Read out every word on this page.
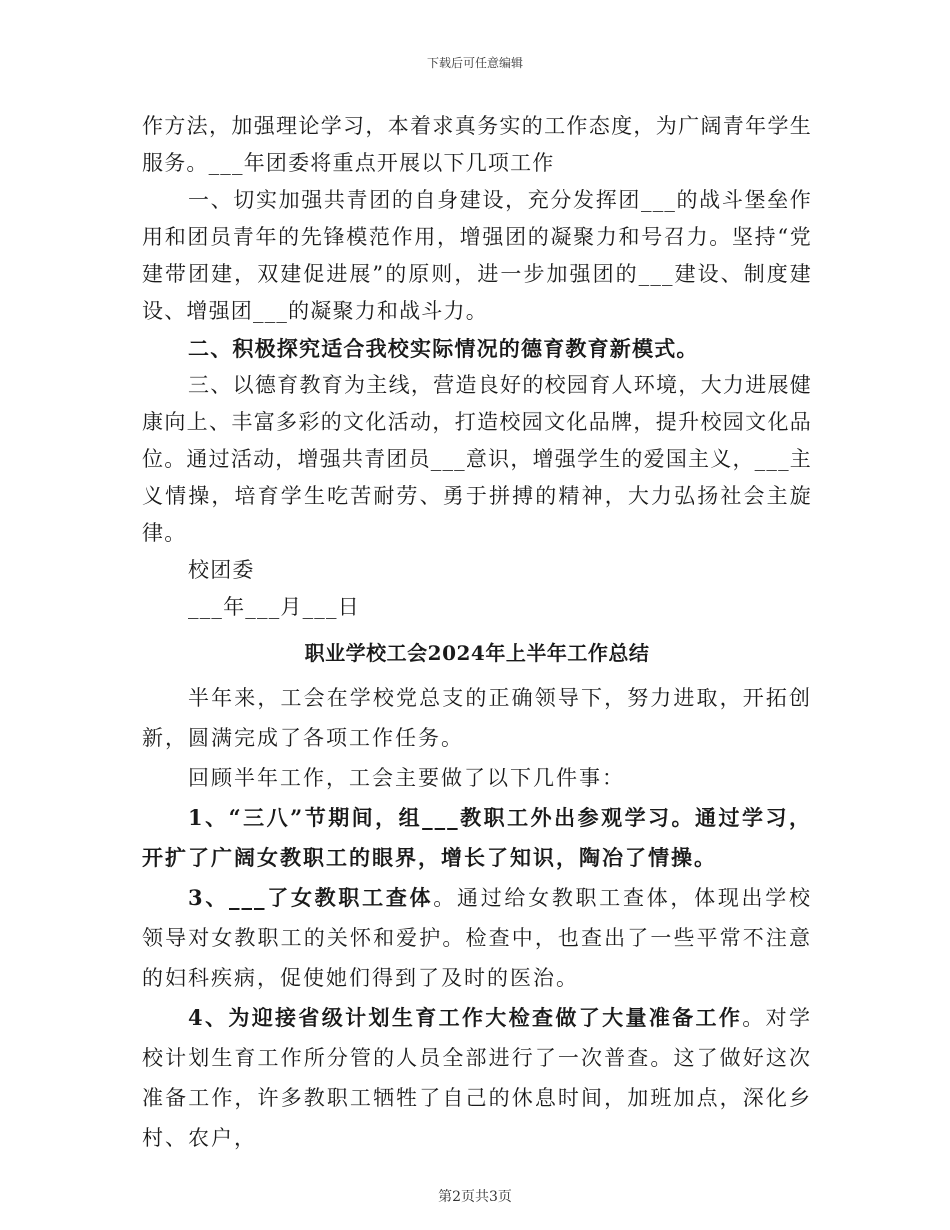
下载后可任意编辑

作方法，加强理论学习，本着求真务实的工作态度，为广阔青年学生服务。___年团委将重点开展以下几项工作

一、切实加强共青团的自身建设，充分发挥团___的战斗堡垒作用和团员青年的先锋模范作用，增强团的凝聚力和号召力。坚持“党建带团建，双建促进展”的原则，进一步加强团的___建设、制度建设、增强团___的凝聚力和战斗力。

二、积极探究适合我校实际情况的德育教育新模式。

三、以德育教育为主线，营造良好的校园育人环境，大力进展健康向上、丰富多彩的文化活动，打造校园文化品牌，提升校园文化品位。通过活动，增强共青团员___意识，增强学生的爱国主义，___主义情操，培育学生吃苦耐劳、勇于拼搏的精神，大力弘扬社会主旋律。

校团委

___年___月___日

职业学校工会2024年上半年工作总结

半年来，工会在学校党总支的正确领导下，努力进取，开拓创新，圆满完成了各项工作任务。

回顾半年工作，工会主要做了以下几件事：

1、“三八”节期间，组___教职工外出参观学习。通过学习，开扩了广阔女教职工的眼界，增长了知识，陶冶了情操。

3、___了女教职工查体。通过给女教职工查体，体现出学校领导对女教职工的关怀和爱护。检查中，也查出了一些平常不注意的妇科疾病，促使她们得到了及时的医治。

4、为迎接省级计划生育工作大检查做了大量准备工作。对学校计划生育工作所分管的人员全部进行了一次普查。这了做好这次准备工作，许多教职工牺牲了自己的休息时间，加班加点，深化乡村、农户，

第2页共3页
